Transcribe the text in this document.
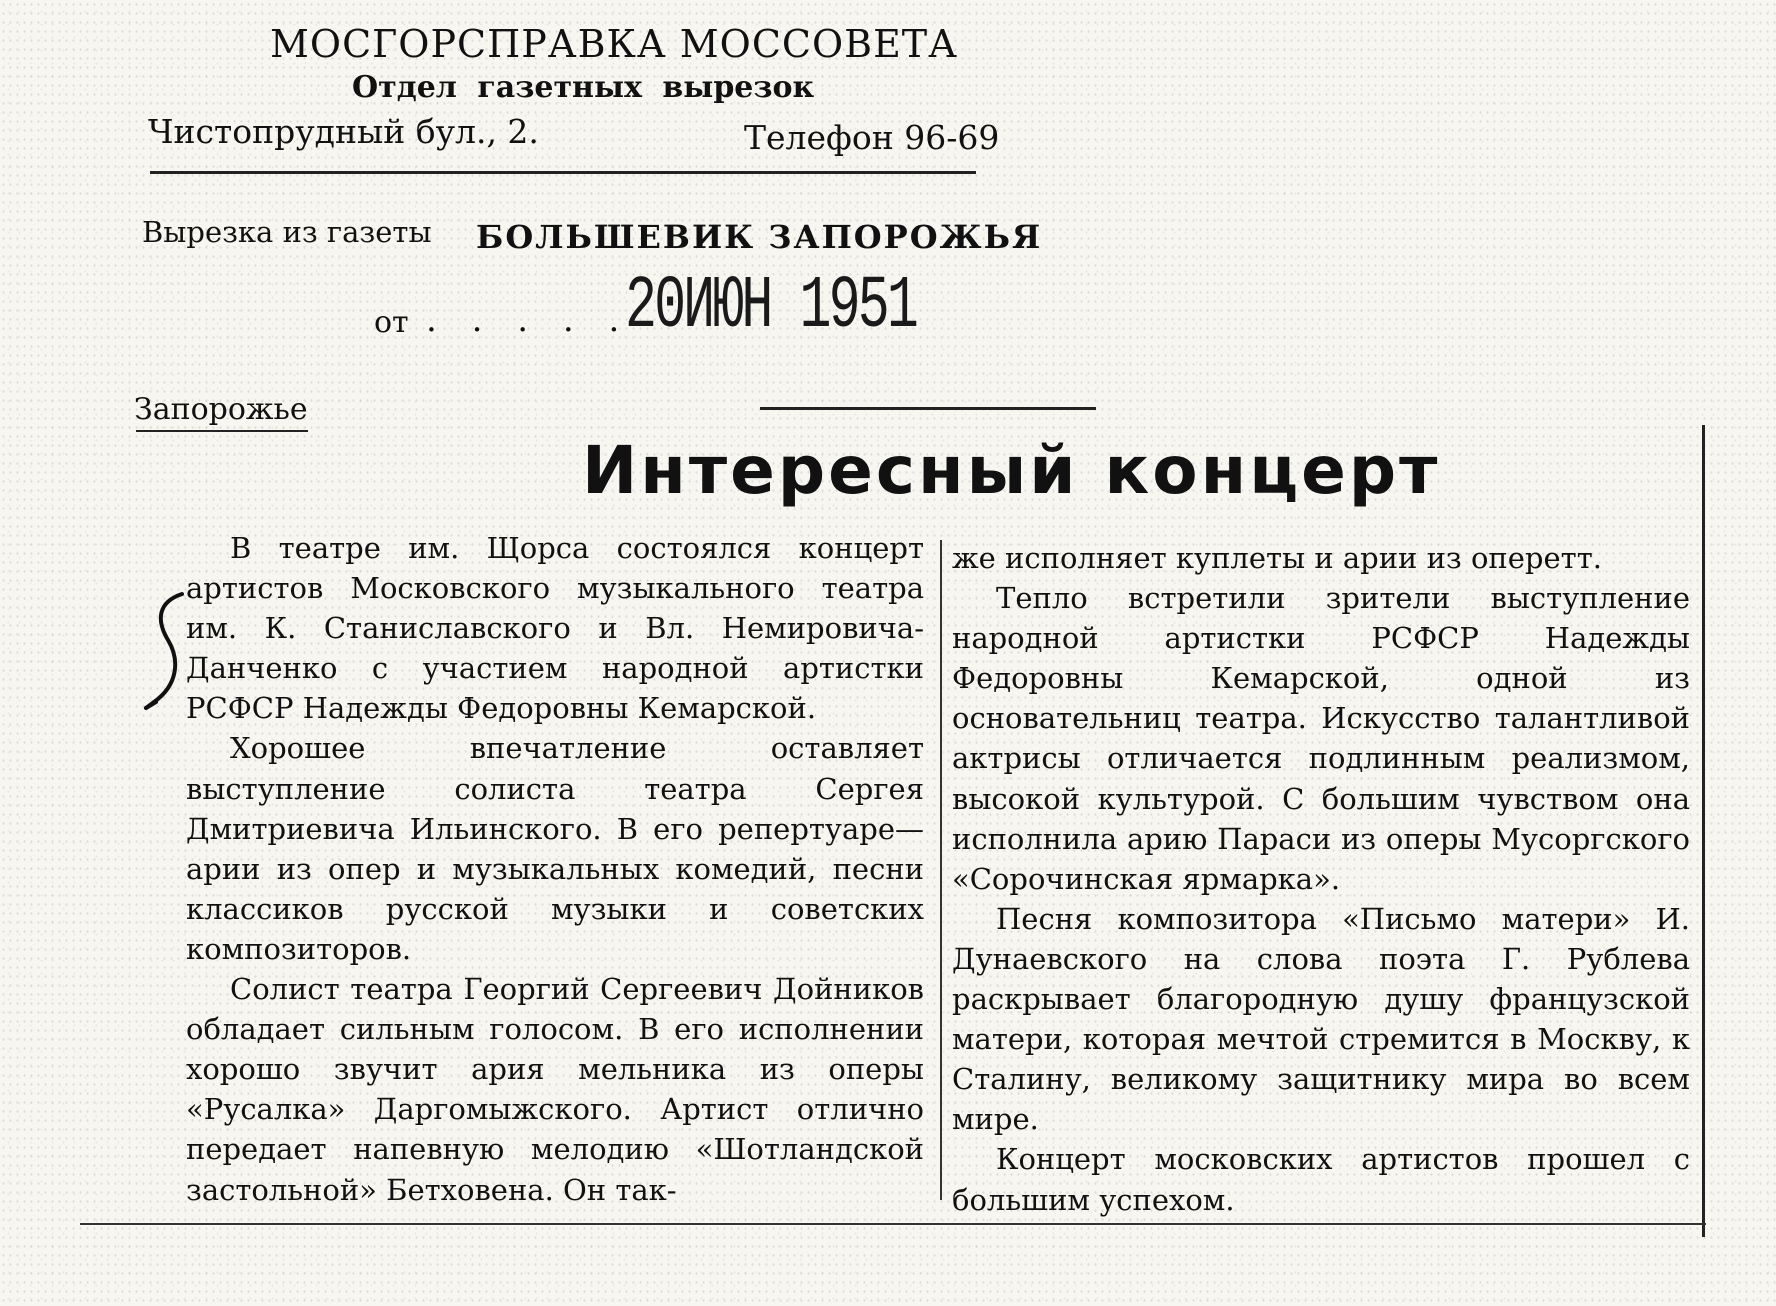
МОСГОРСПРАВКА МОССОВЕТА
Отдел газетных вырезок
Чистопрудный бул., 2.	Телефон 96-69
Вырезка из газеты БОЛЬШЕВИК ЗАПОРОЖЬЯ
от . . . . .
20ИЮН 1951
Запорожье
Интересный концерт

В театре им. Щорса состоялся концерт артистов Московского музыкального театра им. К. Станиславского и Вл. Немировича-Данченко с участием народной артистки РСФСР Надежды Федоровны Кемарской.

Хорошее впечатление оставляет выступление солиста театра Сергея Дмитриевича Ильинского. В его репертуаре—арии из опер и музыкальных комедий, песни классиков русской музыки и советских композиторов.

Солист театра Георгий Сергеевич Дойников обладает сильным голосом. В его исполнении хорошо звучит ария мельника из оперы «Русалка» Даргомыжского. Артист отлично передает напевную мелодию «Шотландской застольной» Бетховена. Он так-

же исполняет куплеты и арии из оперетт.

Тепло встретили зрители выступление народной артистки РСФСР Надежды Федоровны Кемарской, одной из основательниц театра. Искусство талантливой актрисы отличается подлинным реализмом, высокой культурой. С большим чувством она исполнила арию Параси из оперы Мусоргского «Сорочинская ярмарка».

Песня композитора «Письмо матери» И. Дунаевского на слова поэта Г. Рублева раскрывает благородную душу французской матери, которая мечтой стремится в Москву, к Сталину, великому защитнику мира во всем мире.

Концерт московских артистов прошел с большим успехом.
